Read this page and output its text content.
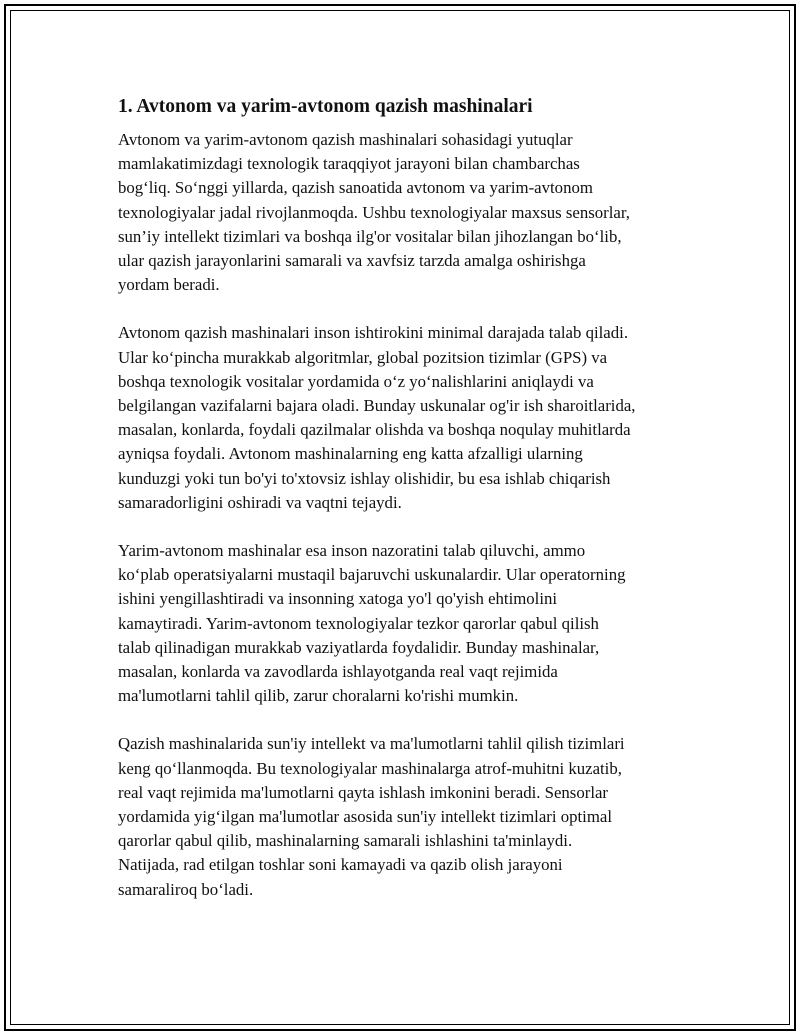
1. Avtonom va yarim-avtonom qazish mashinalari
Avtonom va yarim-avtonom qazish mashinalari sohasidagi yutuqlar
mamlakatimizdagi texnologik taraqqiyot jarayoni bilan chambarchas
bog‘liq. So‘nggi yillarda, qazish sanoatida avtonom va yarim-avtonom
texnologiyalar jadal rivojlanmoqda. Ushbu texnologiyalar maxsus sensorlar,
sun’iy intellekt tizimlari va boshqa ilg'or vositalar bilan jihozlangan bo‘lib,
ular qazish jarayonlarini samarali va xavfsiz tarzda amalga oshirishga
yordam beradi.
Avtonom qazish mashinalari inson ishtirokini minimal darajada talab qiladi.
Ular ko‘pincha murakkab algoritmlar, global pozitsion tizimlar (GPS) va
boshqa texnologik vositalar yordamida o‘z yo‘nalishlarini aniqlaydi va
belgilangan vazifalarni bajara oladi. Bunday uskunalar og'ir ish sharoitlarida,
masalan, konlarda, foydali qazilmalar olishda va boshqa noqulay muhitlarda
ayniqsa foydali. Avtonom mashinalarning eng katta afzalligi ularning
kunduzgi yoki tun bo'yi to'xtovsiz ishlay olishidir, bu esa ishlab chiqarish
samaradorligini oshiradi va vaqtni tejaydi.
Yarim-avtonom mashinalar esa inson nazoratini talab qiluvchi, ammo
ko‘plab operatsiyalarni mustaqil bajaruvchi uskunalardir. Ular operatorning
ishini yengillashtiradi va insonning xatoga yo'l qo'yish ehtimolini
kamaytiradi. Yarim-avtonom texnologiyalar tezkor qarorlar qabul qilish
talab qilinadigan murakkab vaziyatlarda foydalidir. Bunday mashinalar,
masalan, konlarda va zavodlarda ishlayotganda real vaqt rejimida
ma'lumotlarni tahlil qilib, zarur choralarni ko'rishi mumkin.
Qazish mashinalarida sun'iy intellekt va ma'lumotlarni tahlil qilish tizimlari
keng qo‘llanmoqda. Bu texnologiyalar mashinalarga atrof-muhitni kuzatib,
real vaqt rejimida ma'lumotlarni qayta ishlash imkonini beradi. Sensorlar
yordamida yig‘ilgan ma'lumotlar asosida sun'iy intellekt tizimlari optimal
qarorlar qabul qilib, mashinalarning samarali ishlashini ta'minlaydi.
Natijada, rad etilgan toshlar soni kamayadi va qazib olish jarayoni
samaraliroq bo‘ladi.
